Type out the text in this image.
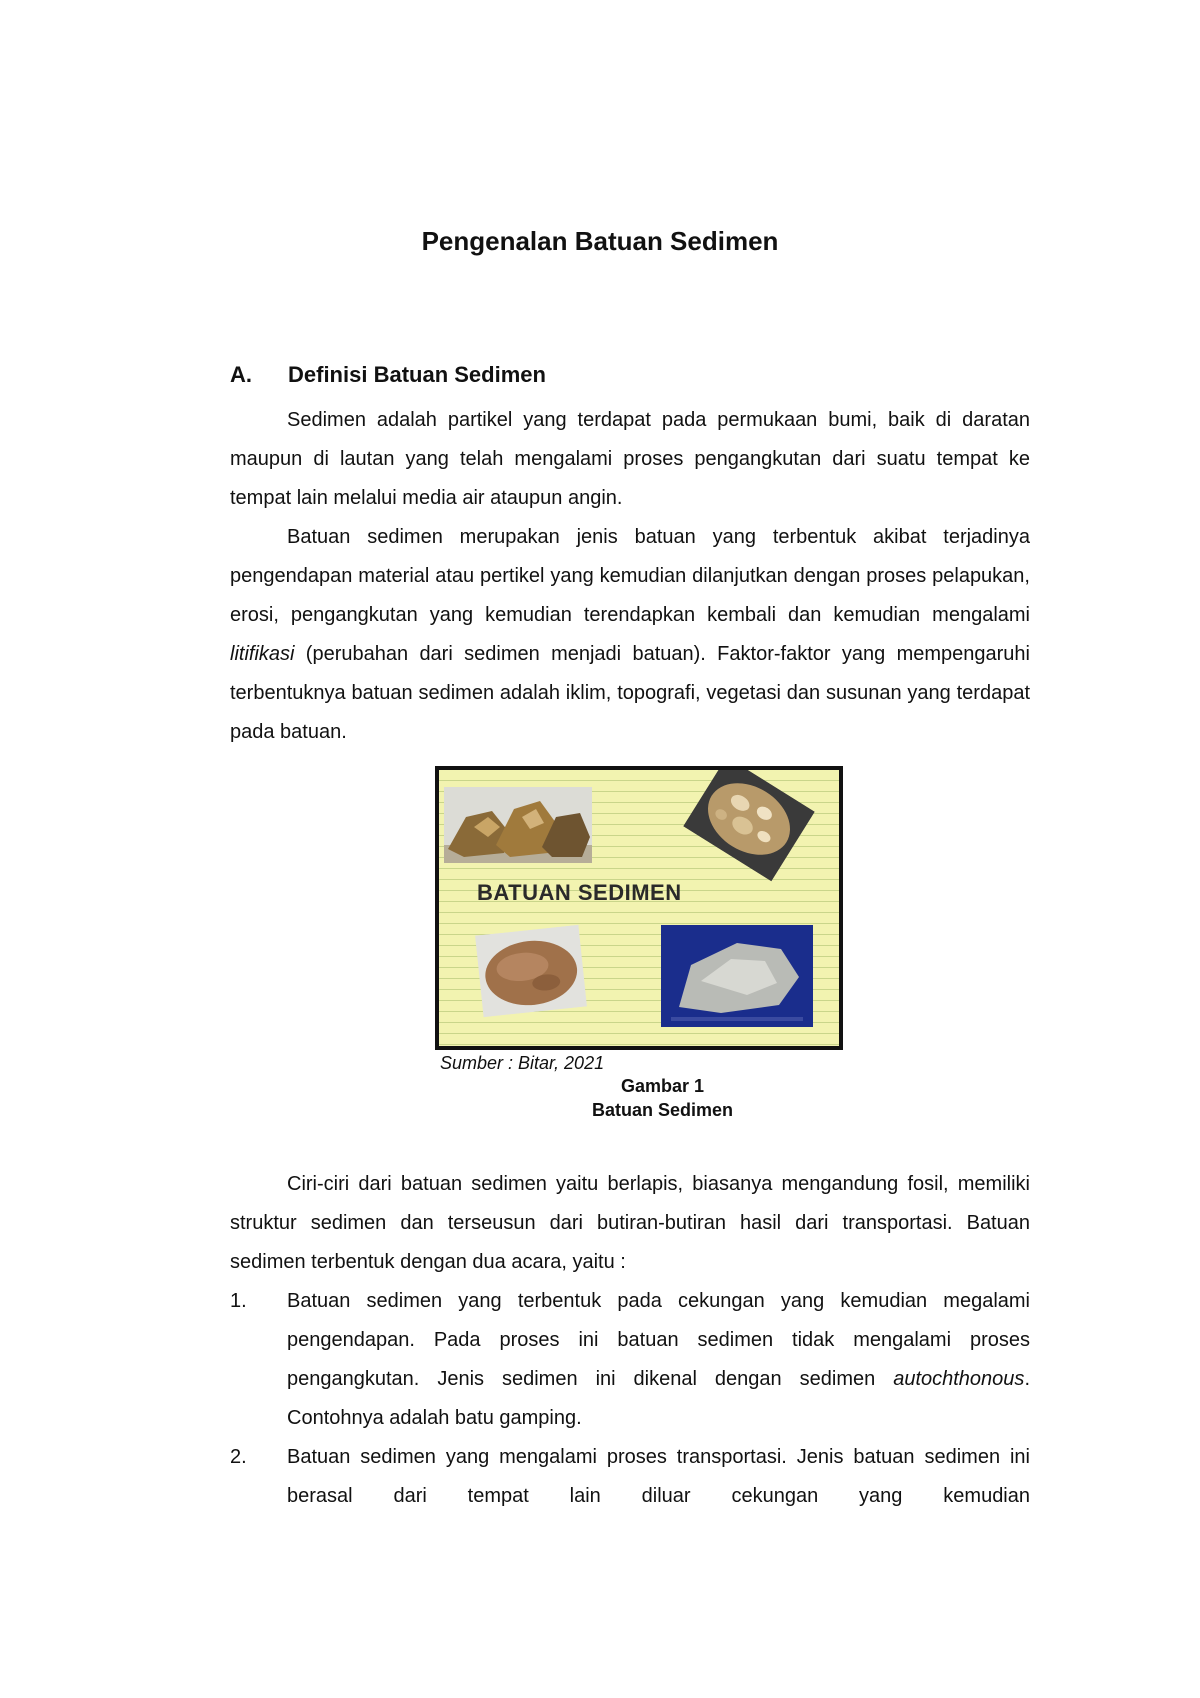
Pengenalan Batuan Sedimen
A. Definisi Batuan Sedimen

Sedimen adalah partikel yang terdapat pada permukaan bumi, baik di daratan maupun di lautan yang telah mengalami proses pengangkutan dari suatu tempat ke tempat lain melalui media air ataupun angin.

Batuan sedimen merupakan jenis batuan yang terbentuk akibat terjadinya pengendapan material atau pertikel yang kemudian dilanjutkan dengan proses pelapukan, erosi, pengangkutan yang kemudian terendapkan kembali dan kemudian mengalami litifikasi (perubahan dari sedimen menjadi batuan). Faktor-faktor yang mempengaruhi terbentuknya batuan sedimen adalah iklim, topografi, vegetasi dan susunan yang terdapat pada batuan.

BATUAN SEDIMEN
Sumber : Bitar, 2021
Gambar 1
Batuan Sedimen

Ciri-ciri dari batuan sedimen yaitu berlapis, biasanya mengandung fosil, memiliki struktur sedimen dan terseusun dari butiran-butiran hasil dari transportasi. Batuan sedimen terbentuk dengan dua acara, yaitu :

1. Batuan sedimen yang terbentuk pada cekungan yang kemudian megalami pengendapan. Pada proses ini batuan sedimen tidak mengalami proses pengangkutan. Jenis sedimen ini dikenal dengan sedimen autochthonous. Contohnya adalah batu gamping.

2. Batuan sedimen yang mengalami proses transportasi. Jenis batuan sedimen ini berasal dari tempat lain diluar cekungan yang kemudian
